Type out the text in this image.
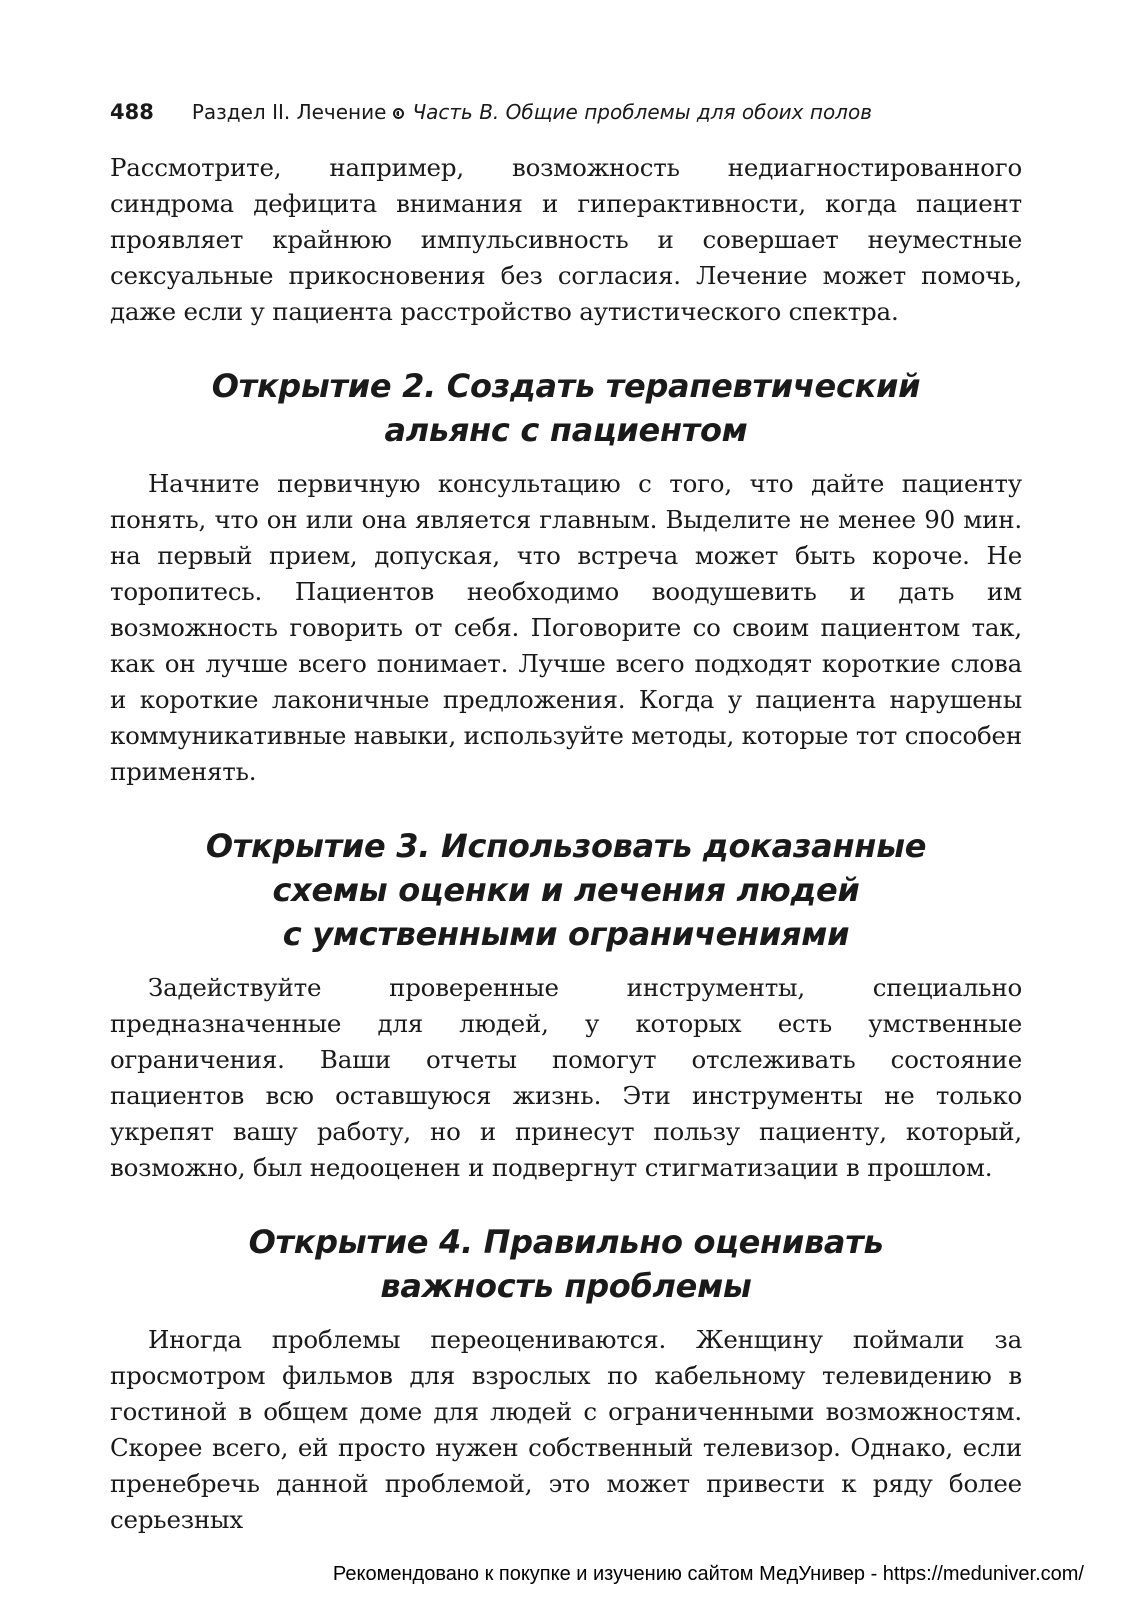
488 Раздел II. Лечение Часть В. Общие проблемы для обоих полов

Рассмотрите, например, возможность недиагностированного синдрома дефицита внимания и гиперактивности, когда пациент проявляет крайнюю импульсивность и совершает неуместные сексуальные прикосновения без согласия. Лечение может помочь, даже если у пациента расстройство аутистического спектра.

Открытие 2. Создать терапевтический
альянс с пациентом

Начните первичную консультацию с того, что дайте пациенту понять, что он или она является главным. Выделите не менее 90 мин. на первый прием, допуская, что встреча может быть короче. Не торопитесь. Пациентов необходимо воодушевить и дать им возможность говорить от себя. Поговорите со своим пациентом так, как он лучше всего понимает. Лучше всего подходят короткие слова и короткие лаконичные предложения. Когда у пациента нарушены коммуникативные навыки, используйте методы, которые тот способен применять.

Открытие 3. Использовать доказанные
схемы оценки и лечения людей
с умственными ограничениями

Задействуйте проверенные инструменты, специально предназначенные для людей, у которых есть умственные ограничения. Ваши отчеты помогут отслеживать состояние пациентов всю оставшуюся жизнь. Эти инструменты не только укрепят вашу работу, но и принесут пользу пациенту, который, возможно, был недооценен и подвергнут стигматизации в прошлом.

Открытие 4. Правильно оценивать
важность проблемы

Иногда проблемы переоцениваются. Женщину поймали за просмотром фильмов для взрослых по кабельному телевидению в гостиной в общем доме для людей с ограниченными возможностям. Скорее всего, ей просто нужен собственный телевизор. Однако, если пренебречь данной проблемой, это может привести к ряду более серьезных

Рекомендовано к покупке и изучению сайтом МедУнивер - https://meduniver.com/
